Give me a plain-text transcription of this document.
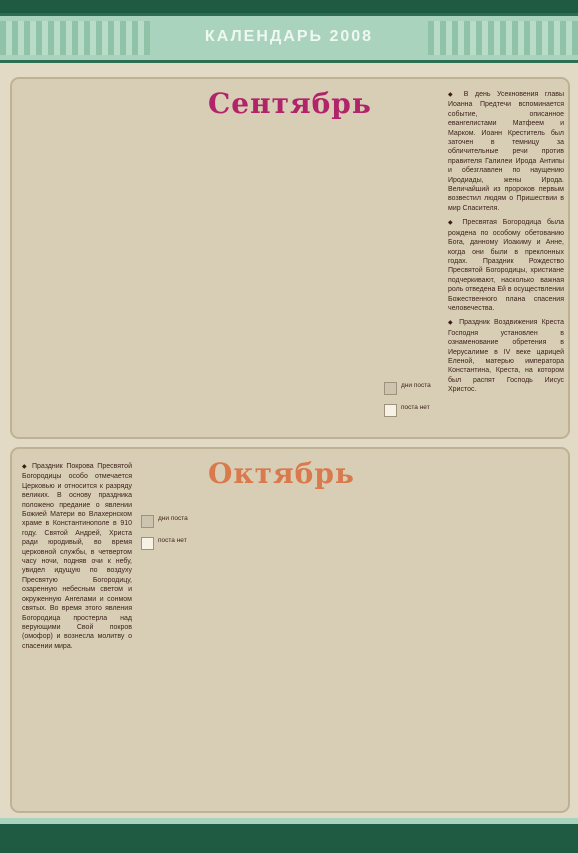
КАЛЕНДАРЬ 2008
Сентябрь	◆ В день Усекновения главы Иоанна Предтечи вспоминается событие, описанное евангелистами Матфеем и Марком. Иоанн Креститель был заточен в темницу за обличительные речи против правителя Галилеи Ирода Антипы и обезглавлен по наущению Иродиады, жены Ирода. Величайший из пророков первым возвестил людям о Пришествии в мир Спасителя.

◆ Пресвятая Богородица была рождена по особому обетованию Бога, данному Иоакиму и Анне, когда они были в преклонных годах. Праздник Рождество Пресвятой Богородицы, христиане подчеркивают, насколько важная роль отведена Ей в осуществлении Божественного плана спасения человечества.

◆ Праздник Воздвижения Креста Господня установлен в ознаменование обретения в Иерусалиме в IV веке царицей Еленой, матерью императора Константина, Креста, на котором был распят Господь Иисус Христос.

Октябрь

◆ Праздник Покрова Пресвятой Богородицы особо отмечается Церковью и относится к разряду великих. В основу праздника положено предание о явлении Божией Матери во Влахернском храме в Константинополе в 910 году. Святой Андрей, Христа ради юродивый, во время церковной службы, в четвертом часу ночи, подняв очи к небу, увидел идущую по воздуху Пресвятую Богородицу, озаренную небесным светом и окруженную Ангелами и сонмом святых. Во время этого явления Богородица простерла над верующими Свой покров (омофор) и вознесла молитву о спасении мира.

дни поста
поста нет
дни поста
поста нет
